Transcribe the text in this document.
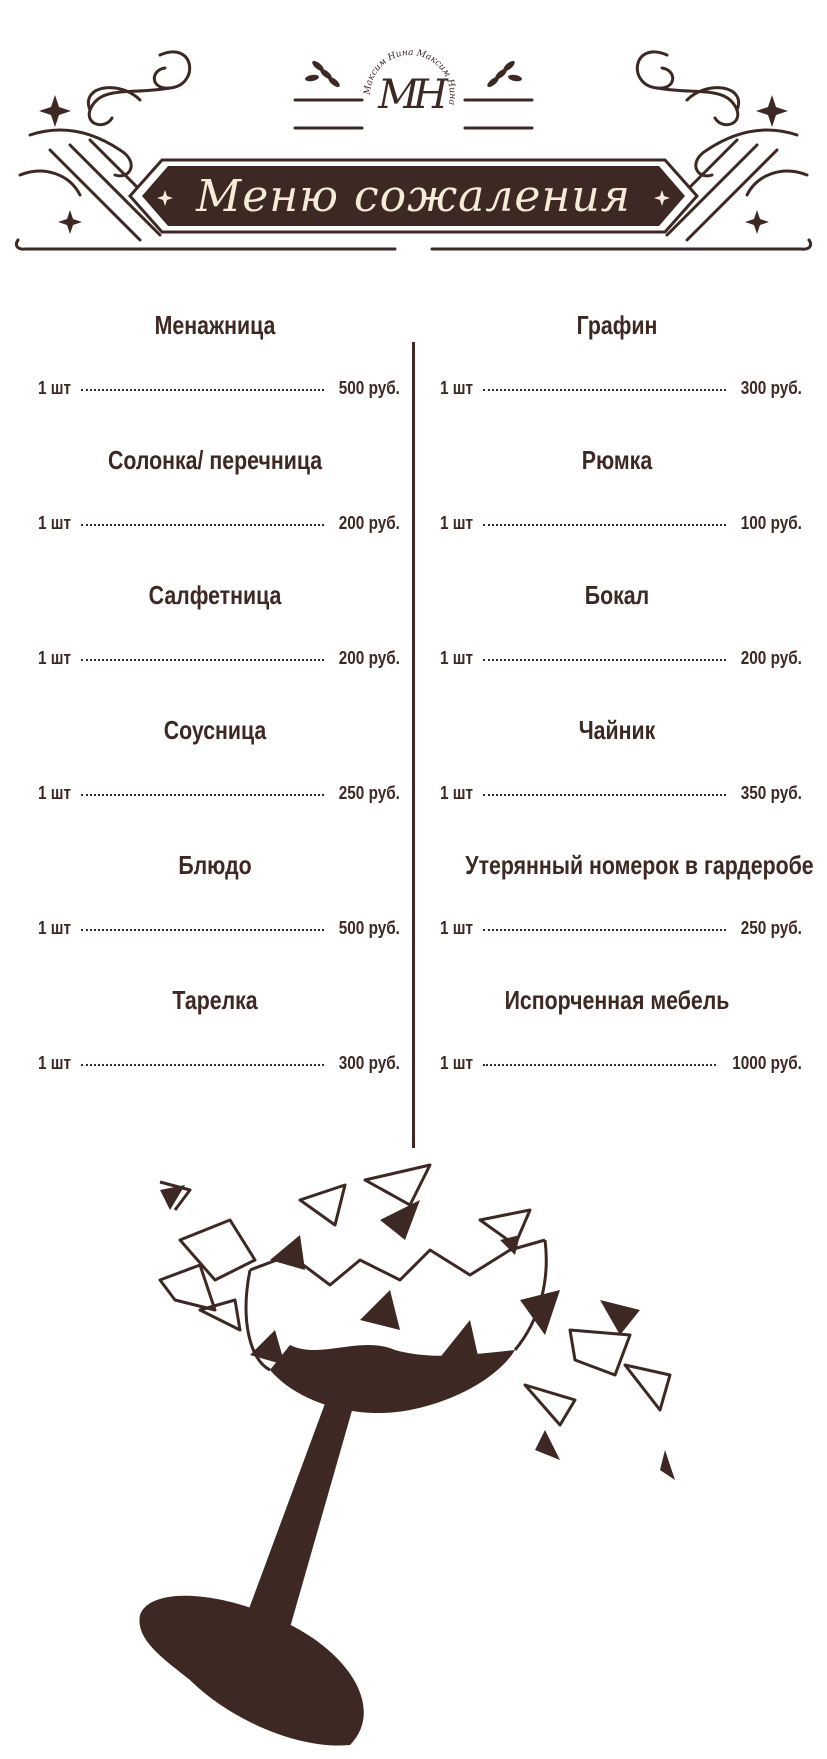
Максим Нина Максим Нина
МН
Меню сожаления
Менажница
1 шт	500 руб.
Солонка/ перечница
1 шт	200 руб.
Салфетница
1 шт	200 руб.
Соусница
1 шт	250 руб.
Блюдо
1 шт	500 руб.
Тарелка
1 шт	300 руб.
Графин
1 шт	300 руб.
Рюмка
1 шт	100 руб.
Бокал
1 шт	200 руб.
Чайник
1 шт	350 руб.
Утерянный номерок в гардеробе
1 шт	250 руб.
Испорченная мебель
1 шт	1000 руб.
